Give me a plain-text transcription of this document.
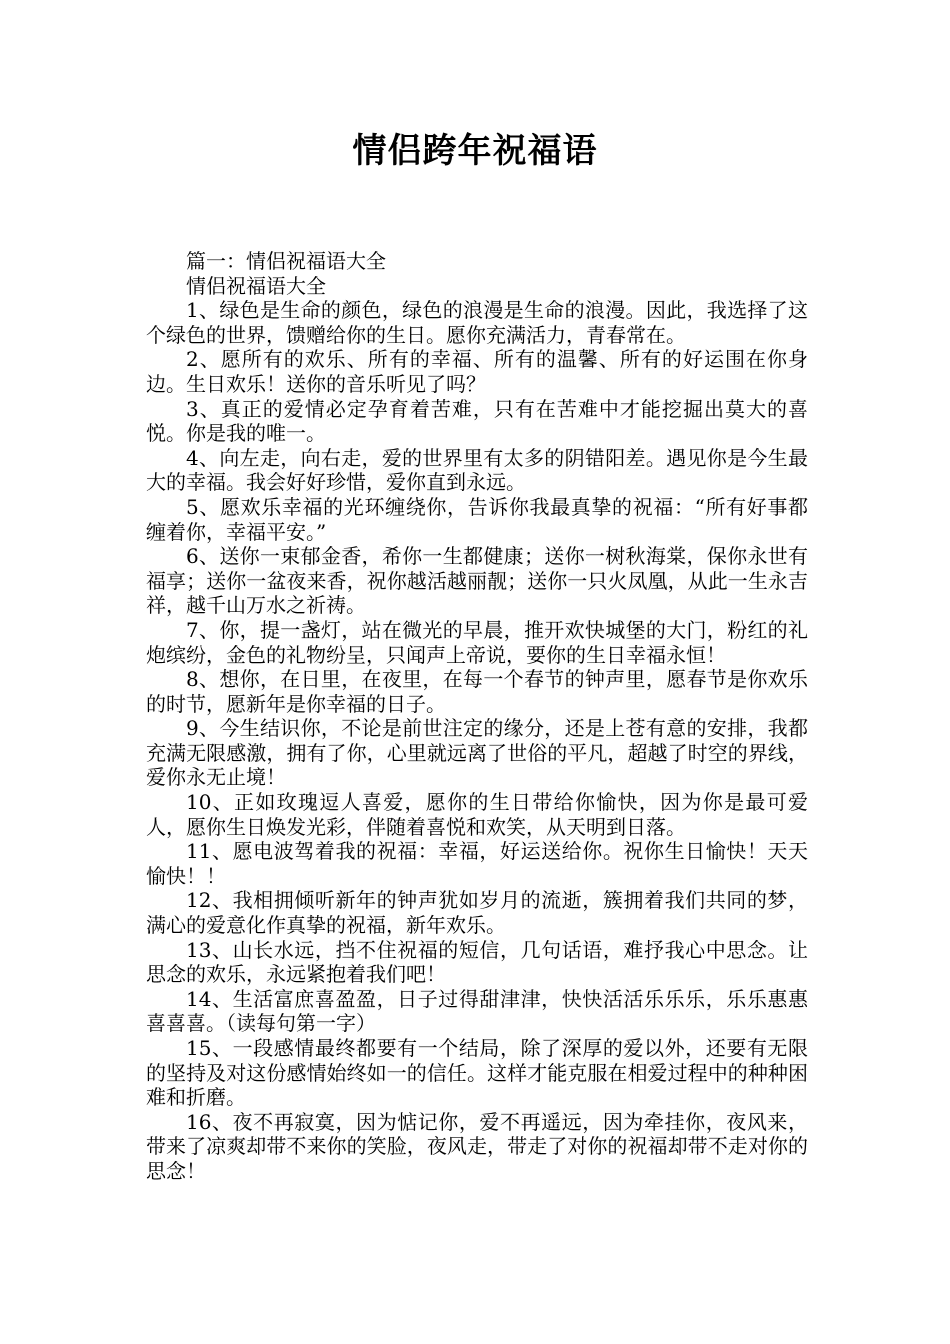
情侣跨年祝福语

篇一：情侣祝福语大全

情侣祝福语大全

1、绿色是生命的颜色，绿色的浪漫是生命的浪漫。因此，我选择了这个绿色的世界，馈赠给你的生日。愿你充满活力，青春常在。

2、愿所有的欢乐、所有的幸福、所有的温馨、所有的好运围在你身边。生日欢乐！送你的音乐听见了吗？

3、真正的爱情必定孕育着苦难，只有在苦难中才能挖掘出莫大的喜悦。你是我的唯一。

4、向左走，向右走，爱的世界里有太多的阴错阳差。遇见你是今生最大的幸福。我会好好珍惜，爱你直到永远。

5、愿欢乐幸福的光环缠绕你，告诉你我最真挚的祝福：“所有好事都缠着你，幸福平安。”

6、送你一束郁金香，希你一生都健康；送你一树秋海棠，保你永世有福享；送你一盆夜来香，祝你越活越丽靓；送你一只火凤凰，从此一生永吉祥，越千山万水之祈祷。

7、你，提一盏灯，站在微光的早晨，推开欢快城堡的大门，粉红的礼炮缤纷，金色的礼物纷呈，只闻声上帝说，要你的生日幸福永恒！

8、想你，在日里，在夜里，在每一个春节的钟声里，愿春节是你欢乐的时节，愿新年是你幸福的日子。

9、今生结识你，不论是前世注定的缘分，还是上苍有意的安排，我都充满无限感激，拥有了你，心里就远离了世俗的平凡，超越了时空的界线，爱你永无止境！

10、正如玫瑰逗人喜爱，愿你的生日带给你愉快，因为你是最可爱人，愿你生日焕发光彩，伴随着喜悦和欢笑，从天明到日落。

11、愿电波驾着我的祝福：幸福，好运送给你。祝你生日愉快！天天愉快！！

12、我相拥倾听新年的钟声犹如岁月的流逝，簇拥着我们共同的梦，满心的爱意化作真挚的祝福，新年欢乐。

13、山长水远，挡不住祝福的短信，几句话语，难抒我心中思念。让思念的欢乐，永远紧抱着我们吧！

14、生活富庶喜盈盈，日子过得甜津津，快快活活乐乐乐，乐乐惠惠喜喜喜。（读每句第一字）

15、一段感情最终都要有一个结局，除了深厚的爱以外，还要有无限的坚持及对这份感情始终如一的信任。这样才能克服在相爱过程中的种种困难和折磨。

16、夜不再寂寞，因为惦记你，爱不再遥远，因为牵挂你，夜风来，带来了凉爽却带不来你的笑脸，夜风走，带走了对你的祝福却带不走对你的思念！
